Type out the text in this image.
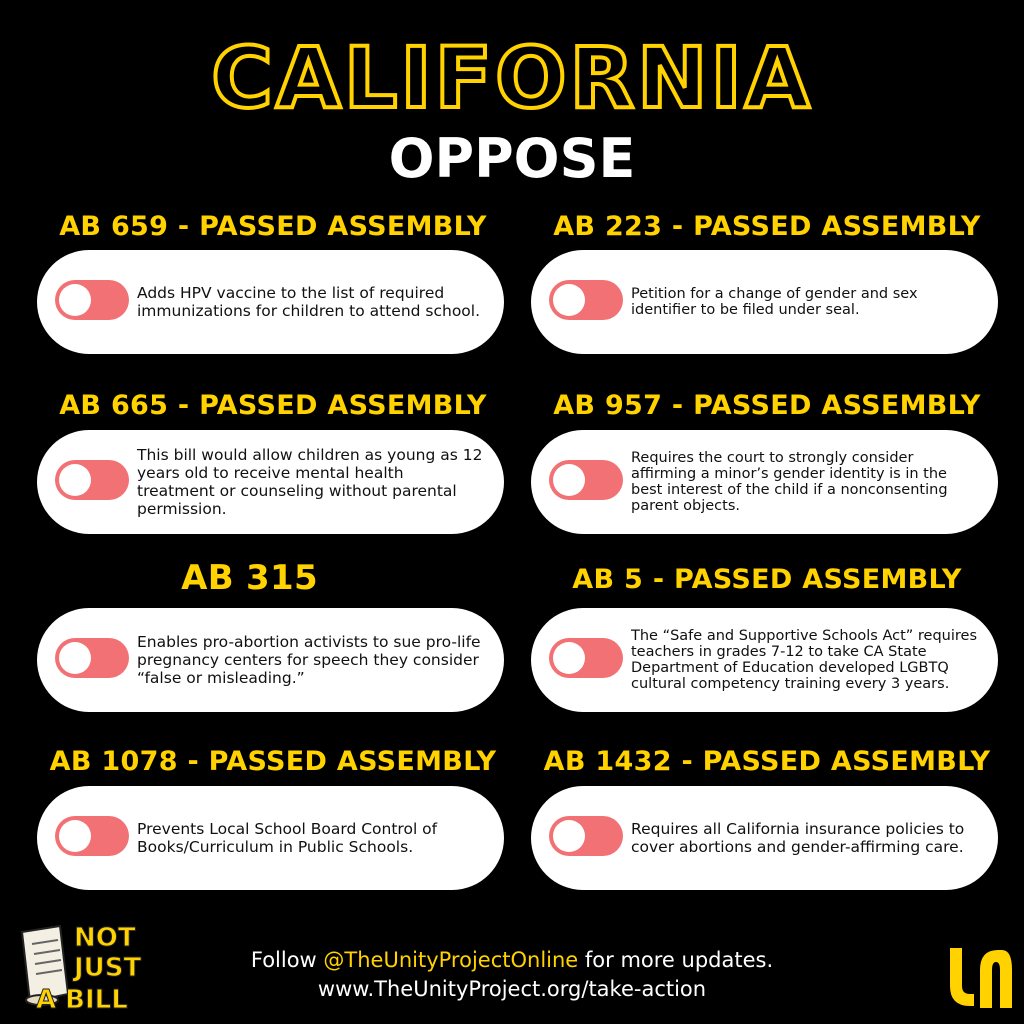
CALIFORNIA
OPPOSE
AB 659 - PASSED ASSEMBLY
Adds HPV vaccine to the list of required immunizations for children to attend school.
AB 223 - PASSED ASSEMBLY
Petition for a change of gender and sex identifier to be filed under seal.
AB 665 - PASSED ASSEMBLY
This bill would allow children as young as 12 years old to receive mental health treatment or counseling without parental permission.
AB 957 - PASSED ASSEMBLY
Requires the court to strongly consider affirming a minor’s gender identity is in the best interest of the child if a nonconsenting parent objects.
AB 315
Enables pro-abortion activists to sue pro-life pregnancy centers for speech they consider “false or misleading.”
AB 5 - PASSED ASSEMBLY
The “Safe and Supportive Schools Act” requires teachers in grades 7-12 to take CA State Department of Education developed LGBTQ cultural competency training every 3 years.
AB 1078 - PASSED ASSEMBLY
Prevents Local School Board Control of Books/Curriculum in Public Schools.
AB 1432 - PASSED ASSEMBLY
Requires all California insurance policies to cover abortions and gender-affirming care.
Follow @TheUnityProjectOnline for more updates.
www.TheUnityProject.org/take-action
NOT
JUST
A BILL
